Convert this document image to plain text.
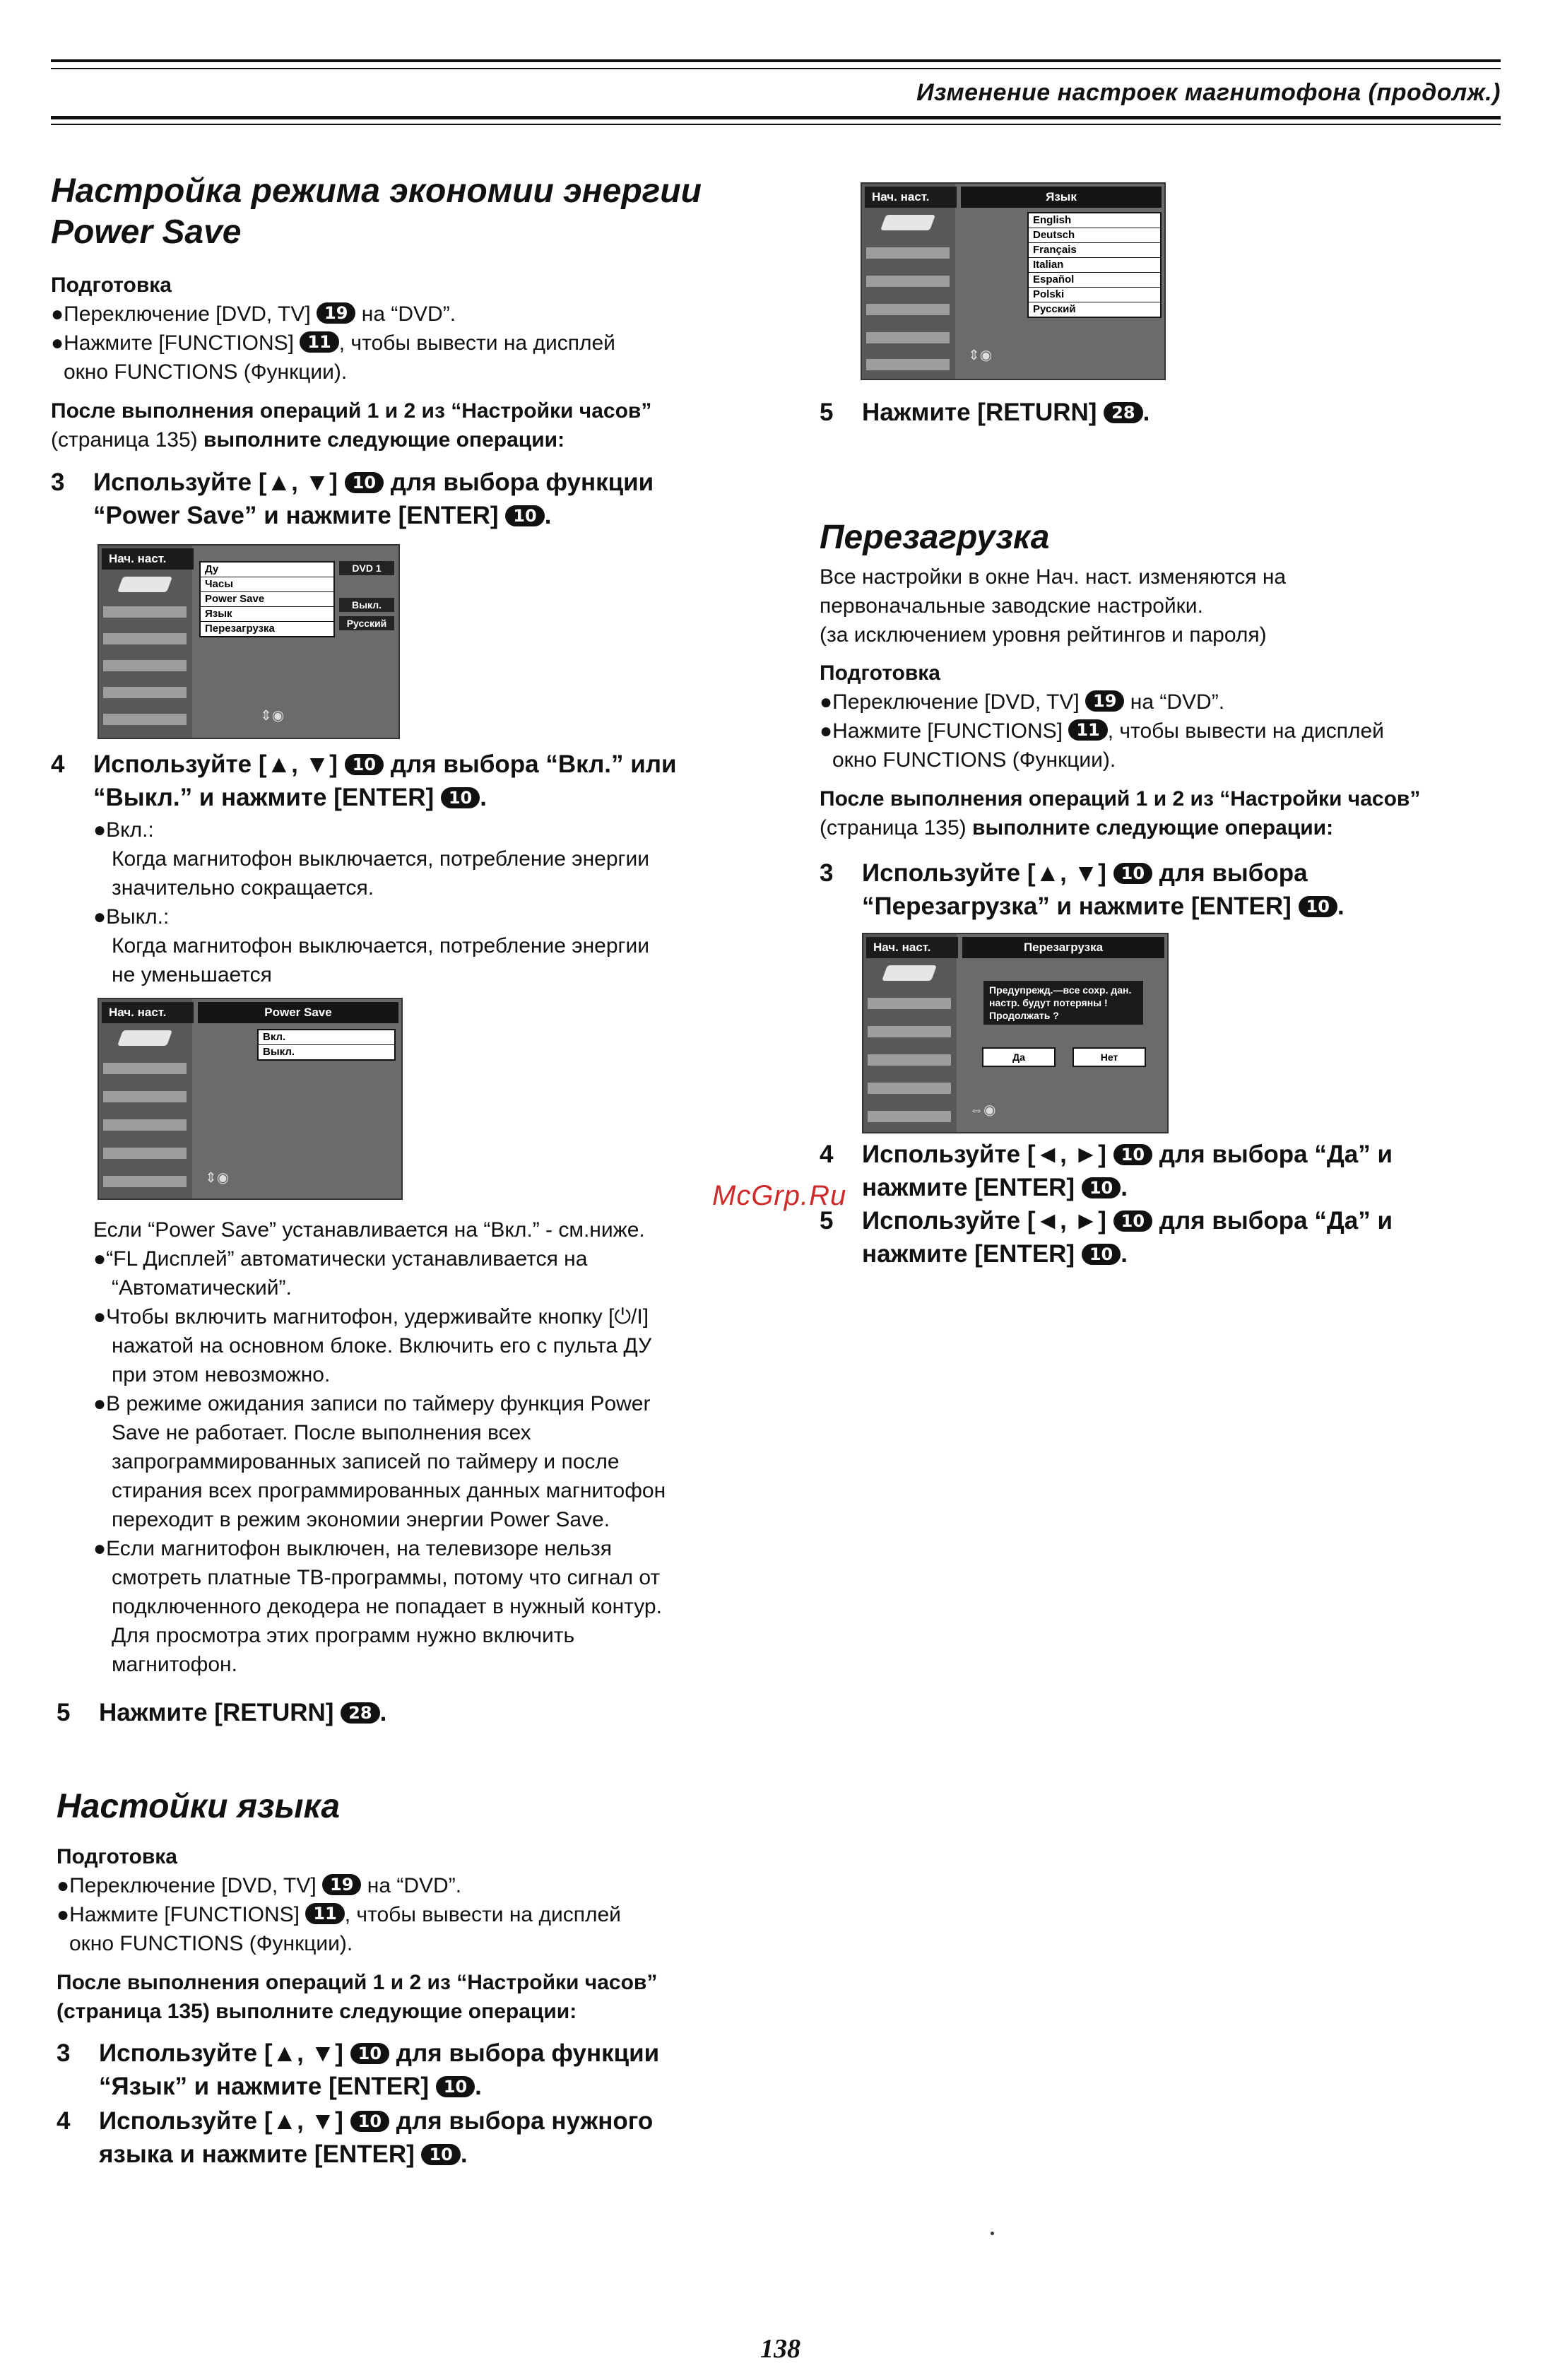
Изменение настроек магнитофона (продолж.)
Настройка режима экономии энергии
Power Save
Подготовка
●Переключение [DVD, TV] 19 на “DVD”.
●Нажмите [FUNCTIONS] 11 , чтобы вывести на дисплей
окно FUNCTIONS (Функции).
После выполнения операций 1 и 2 из “Настройки часов”
(страница 135) выполните следующие операции:
3 Используйте [▲, ▼] 10 для выбора функции
“Power Save” и нажмите [ENTER] 10 .
Нач. наст.
Ду
Часы
Power Save
Язык
Перезагрузка
DVD 1
Выкл.
Русский
⇕◉
4 Используйте [▲, ▼] 10 для выбора “Вкл.” или
“Выкл.” и нажмите [ENTER] 10 .
●Вкл.:
Когда магнитофон выключается, потребление энергии
значительно сокращается.
●Выкл.:
Когда магнитофон выключается, потребление энергии
не уменьшается
Нач. наст.	Power Save
Вкл.
Выкл.
⇕◉
Если “Power Save” устанавливается на “Вкл.” - см.ниже.
●“FL Дисплей” автоматически устанавливается на
“Автоматический”.
●Чтобы включить магнитофон, удерживайте кнопку [⏻/I]
нажатой на основном блоке. Включить его с пульта ДУ
при этом невозможно.
●В режиме ожидания записи по таймеру функция Power
Save не работает. После выполнения всех
запрограммированных записей по таймеру и после
стирания всех программированных данных магнитофон
переходит в режим экономии энергии Power Save.
●Если магнитофон выключен, на телевизоре нельзя
смотреть платные ТВ-программы, потому что сигнал от
подключенного декодера не попадает в нужный контур.
Для просмотра этих программ нужно включить
магнитофон.
5 Нажмите [RETURN] 28 .
Настойки языка
Подготовка
●Переключение [DVD, TV] 19 на “DVD”.
●Нажмите [FUNCTIONS] 11 , чтобы вывести на дисплей
окно FUNCTIONS (Функции).
После выполнения операций 1 и 2 из “Настройки часов”
(страница 135) выполните следующие операции:
3 Используйте [▲, ▼] 10 для выбора функции
“Язык” и нажмите [ENTER] 10 .
4 Используйте [▲, ▼] 10 для выбора нужного
языка и нажмите [ENTER] 10 .
Нач. наст.	Язык
English
Deutsch
Français
Italian
Español
Polski
Русский
⇕◉
5 Нажмите [RETURN] 28 .
Перезагрузка
Все настройки в окне Нач. наст. изменяются на
первоначальные заводские настройки.
(за исключением уровня рейтингов и пароля)
Подготовка
●Переключение [DVD, TV] 19 на “DVD”.
●Нажмите [FUNCTIONS] 11 , чтобы вывести на дисплей
окно FUNCTIONS (Функции).
После выполнения операций 1 и 2 из “Настройки часов”
(страница 135) выполните следующие операции:
3 Используйте [▲, ▼] 10 для выбора
“Перезагрузка” и нажмите [ENTER] 10 .
Нач. наст.	Перезагрузка
Предупрежд.—все сохр. дан.
настр. будут потеряны !
Продолжать ?
Да	Нет
⇔◉
McGrp.Ru
4 Используйте [◄, ►] 10 для выбора “Да” и
нажмите [ENTER] 10 .
5 Используйте [◄, ►] 10 для выбора “Да” и
нажмите [ENTER] 10 .
138
